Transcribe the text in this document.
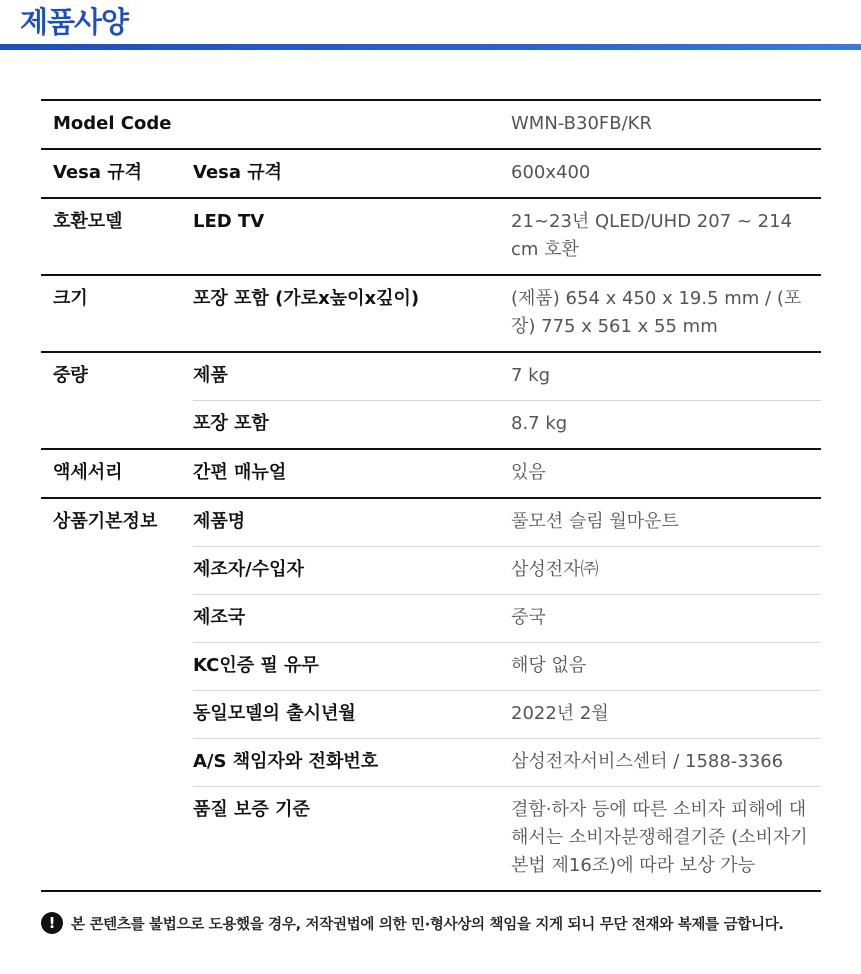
제품사양
Model Code		WMN-B30FB/KR
Vesa 규격	Vesa 규격	600x400
호환모델	LED TV	21~23년 QLED/UHD 207 ~ 214 cm 호환
크기	포장 포함 (가로x높이x깊이)	(제품) 654 x 450 x 19.5 mm / (포장) 775 x 561 x 55 mm
중량	제품	7 kg
	포장 포함	8.7 kg
액세서리	간편 매뉴얼	있음
상품기본정보	제품명	풀모션 슬림 월마운트
	제조자/수입자	삼성전자㈜
	제조국	중국
	KC인증 필 유무	해당 없음
	동일모델의 출시년월	2022년 2월
	A/S 책임자와 전화번호	삼성전자서비스센터 / 1588-3366
	품질 보증 기준	결함·하자 등에 따른 소비자 피해에 대해서는 소비자분쟁해결기준 (소비자기본법 제16조)에 따라 보상 가능
!	본 콘텐츠를 불법으로 도용했을 경우, 저작권법에 의한 민·형사상의 책임을 지게 되니 무단 전재와 복제를 금합니다.
